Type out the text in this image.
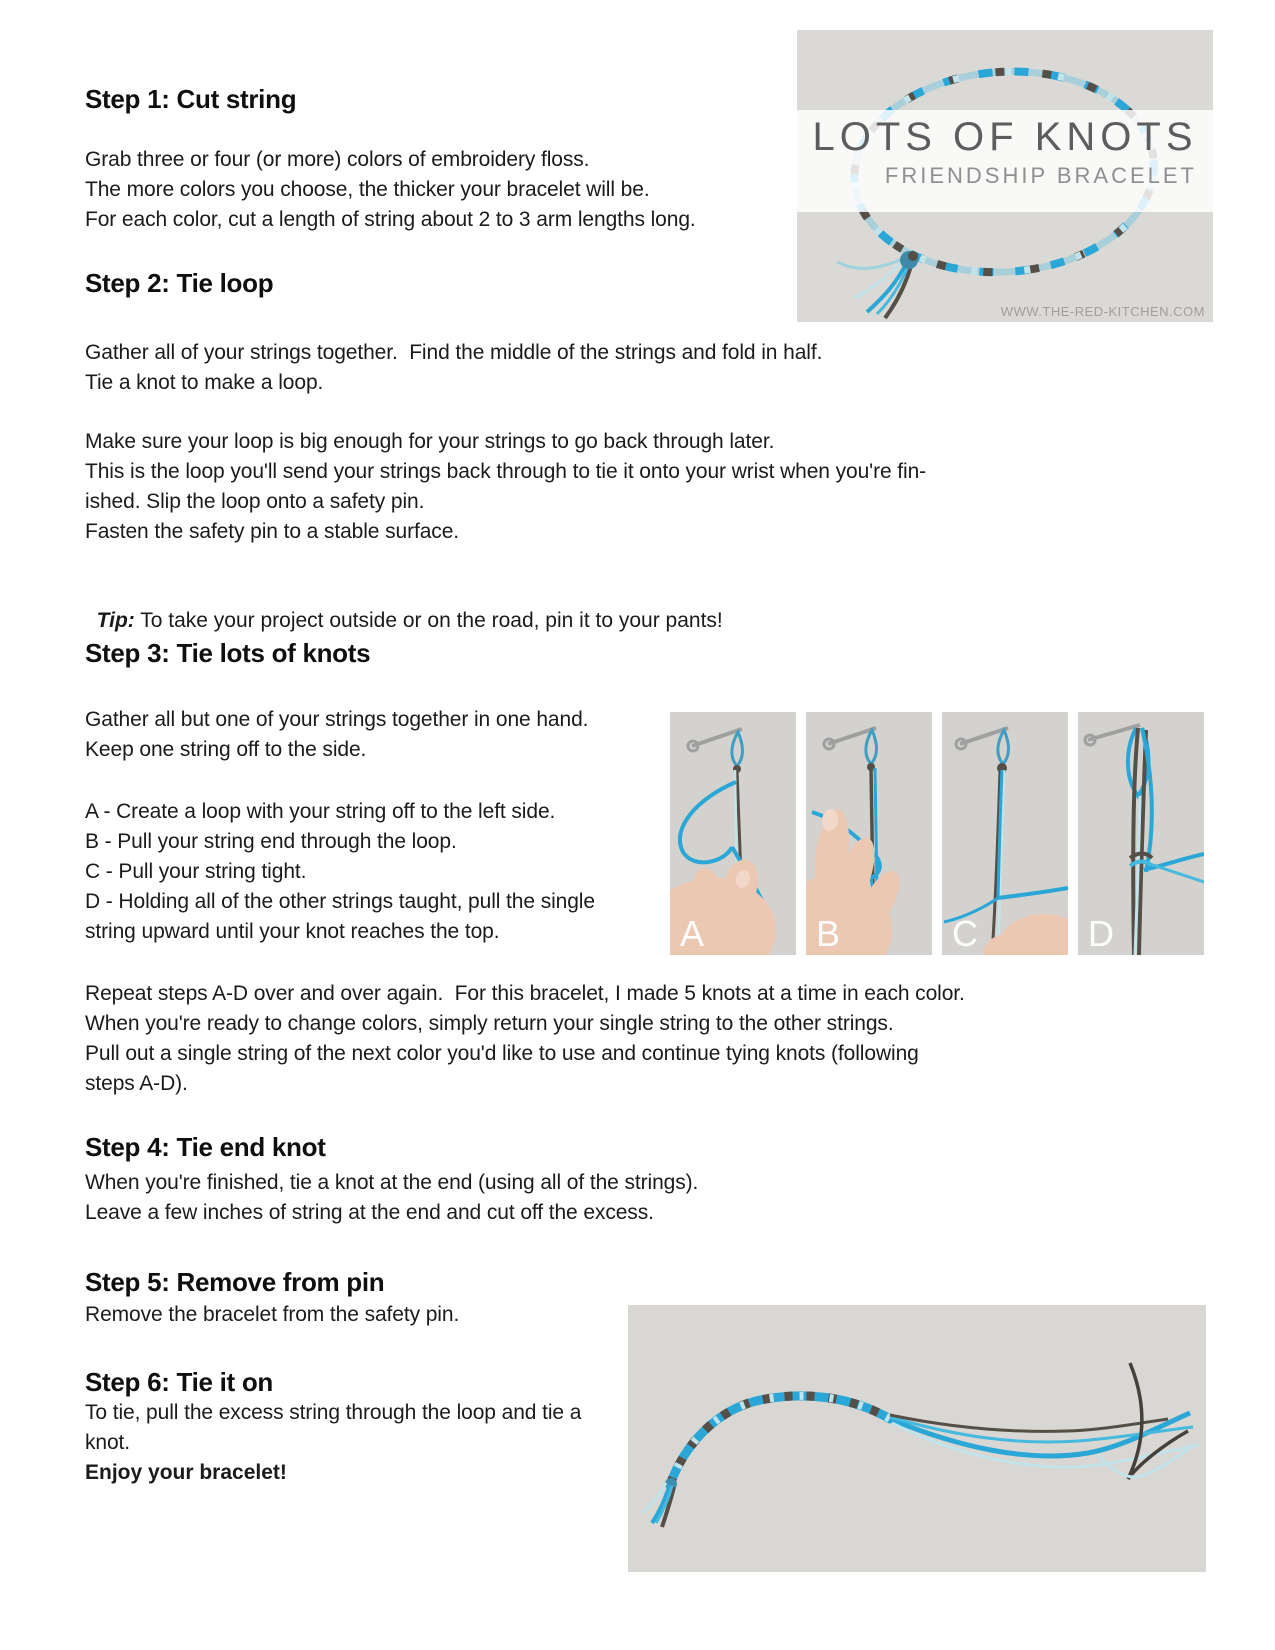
LOTS OF KNOTS
FRIENDSHIP BRACELET
WWW.THE-RED-KITCHEN.COM
Step 1: Cut string
Grab three or four (or more) colors of embroidery floss.
The more colors you choose, the thicker your bracelet will be.
For each color, cut a length of string about 2 to 3 arm lengths long.
Step 2: Tie loop
Gather all of your strings together.  Find the middle of the strings and fold in half.
Tie a knot to make a loop.
Make sure your loop is big enough for your strings to go back through later.
This is the loop you'll send your strings back through to tie it onto your wrist when you're fin-
ished. Slip the loop onto a safety pin.
Fasten the safety pin to a stable surface.

Tip: To take your project outside or on the road, pin it to your pants!

Step 3: Tie lots of knots
Gather all but one of your strings together in one hand.
Keep one string off to the side.
A - Create a loop with your string off to the left side.
B - Pull your string end through the loop.
C - Pull your string tight.
D - Holding all of the other strings taught, pull the single
string upward until your knot reaches the top.	A	B	C	D
Repeat steps A-D over and over again.  For this bracelet, I made 5 knots at a time in each color.
When you're ready to change colors, simply return your single string to the other strings.
Pull out a single string of the next color you'd like to use and continue tying knots (following
steps A-D).
Step 4: Tie end knot
When you're finished, tie a knot at the end (using all of the strings).
Leave a few inches of string at the end and cut off the excess.
Step 5: Remove from pin
Remove the bracelet from the safety pin.
Step 6: Tie it on
To tie, pull the excess string through the loop and tie a
knot.
Enjoy your bracelet!
